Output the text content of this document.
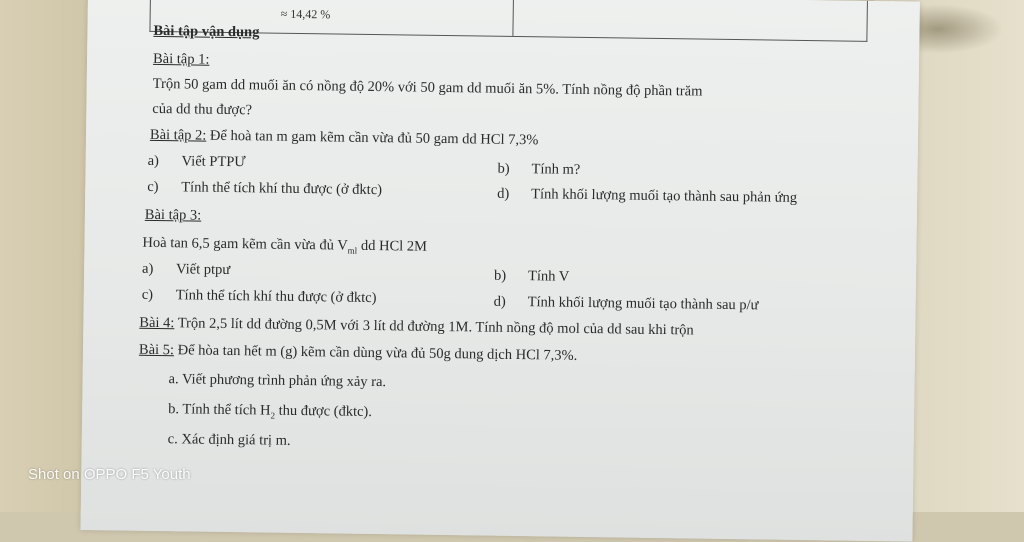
≈ 14,42 %
Bài tập vận dụng
Bài tập 1:
Trộn 50 gam dd muối ăn có nồng độ 20% với 50 gam dd muối ăn 5%. Tính nồng độ phần trăm
của dd thu được?
Bài tập 2: Để hoà tan m gam kẽm cần vừa đủ 50 gam dd HCl 7,3%
a) Viết PTPƯ	b) Tính m?
c) Tính thể tích khí thu được (ở đktc)	d) Tính khối lượng muối tạo thành sau phản ứng
Bài tập 3:
Hoà tan 6,5 gam kẽm cần vừa đủ $V_{ml}$ dd HCl 2M
a) Viết ptpư	b) Tính V
c) Tính thể tích khí thu được (ở đktc)	d) Tính khối lượng muối tạo thành sau p/ư
Bài 4: Trộn 2,5 lít dd đường 0,5M với 3 lít dd đường 1M. Tính nồng độ mol của dd sau khi trộn
Bài 5: Để hòa tan hết m (g) kẽm cần dùng vừa đủ 50g dung dịch HCl 7,3%.
a. Viết phương trình phản ứng xảy ra.
b. Tính thể tích $H_2$ thu được (đktc).
c. Xác định giá trị m.
Shot on OPPO F5 Youth
